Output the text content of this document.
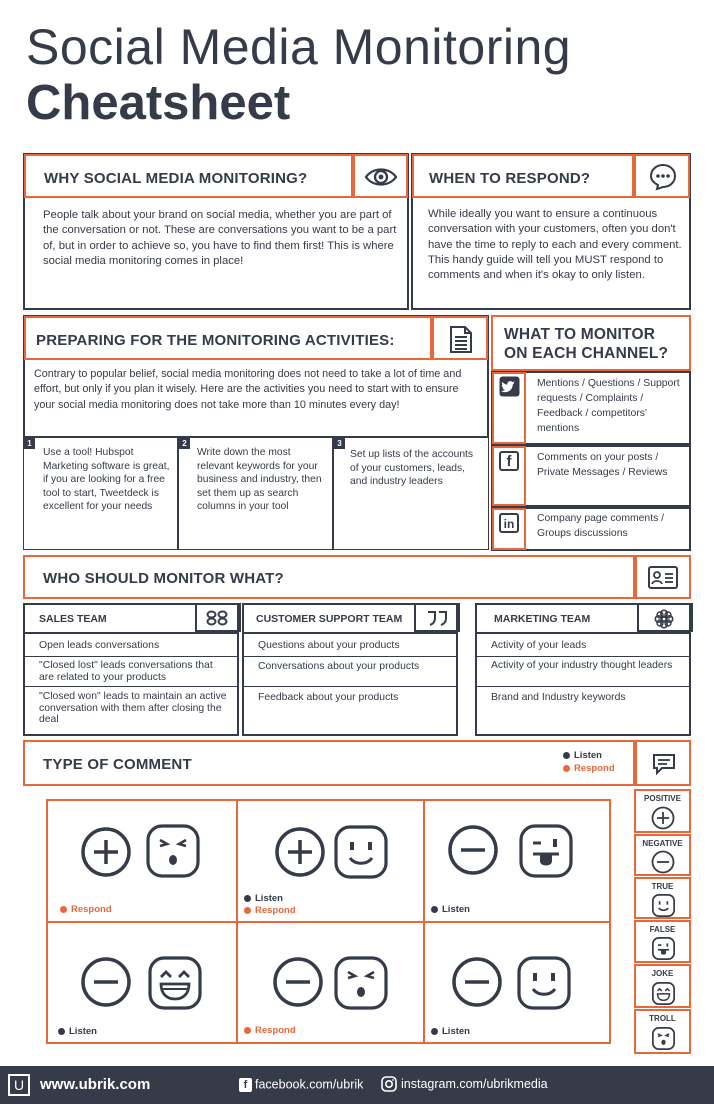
Social Media Monitoring
Cheatsheet
WHY SOCIAL MEDIA MONITORING?
People talk about your brand on social media, whether you are part of the conversation or not. These are conversations you want to be a part of, but in order to achieve so, you have to find them first! This is where social media monitoring comes in place!
WHEN TO RESPOND?
While ideally you want to ensure a continuous conversation with your customers, often you don't have the time to reply to each and every comment. This handy guide will tell you MUST respond to comments and when it's okay to only listen.
PREPARING FOR THE MONITORING ACTIVITIES:
Contrary to popular belief, social media monitoring does not need to take a lot of time and effort, but only if you plan it wisely. Here are the activities you need to start with to ensure your social media monitoring does not take more than 10 minutes every day!
1
Use a tool! Hubspot Marketing software is great, if you are looking for a free tool to start, Tweetdeck is excellent for your needs
2
Write down the most relevant keywords for your business and industry, then set them up as search columns in your tool
3
Set up lists of the accounts of your customers, leads, and industry leaders
WHAT TO MONITOR
ON EACH CHANNEL?
Mentions / Questions / Support requests / Complaints / Feedback / competitors' mentions
f	Comments on your posts / Private Messages / Reviews
in	Company page comments / Groups discussions
WHO SHOULD MONITOR WHAT?
SALES TEAM
Open leads conversations
"Closed lost" leads conversations that are related to your products
"Closed won" leads to maintain an active conversation with them after closing the deal
CUSTOMER SUPPORT TEAM
Questions about your products
Conversations about your products
Feedback about your products
MARKETING TEAM
Activity of your leads
Activity of your industry thought leaders
Brand and Industry keywords
TYPE OF COMMENT
Listen
Respond
Respond
Listen
Respond	Listen
Listen	Respond	Listen
POSITIVE
NEGATIVE
TRUE
FALSE
JOKE
TROLL
U	www.ubrik.com	f facebook.com/ubrik	instagram.com/ubrikmedia
